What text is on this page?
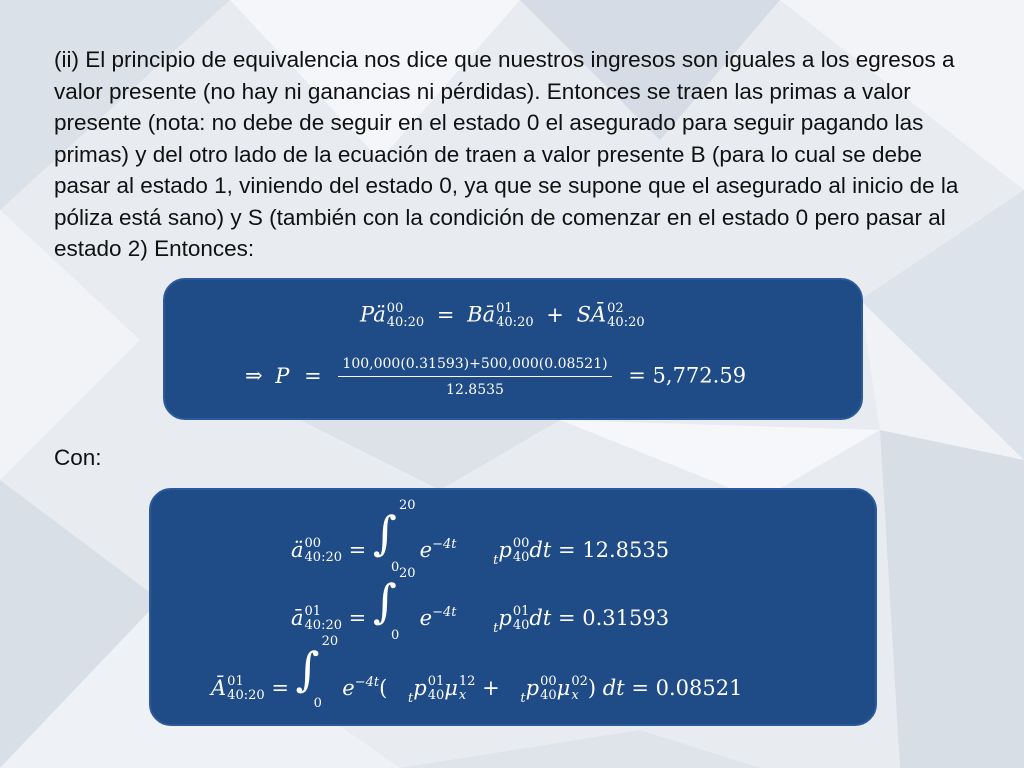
(ii) El principio de equivalencia nos dice que nuestros ingresos son iguales a los egresos a valor presente (no hay ni ganancias ni pérdidas). Entonces se traen las primas a valor presente (nota: no debe de seguir en el estado 0 el asegurado para seguir pagando las primas) y del otro lado de la ecuación de traen a valor presente B (para lo cual se debe pasar al estado 1, viniendo del estado 0, ya que se supone que el asegurado al inicio de la póliza está sano) y S (también con la condición de comenzar en el estado 0 pero pasar al estado 2) Entonces:
Pä 00
40:20 = Bā 01
40:20 + SĀ 02
40:20
⇒ $P = \frac{100,000(0.31593)+500,000(0.08521)}{12.8535} = 5,772.59$
Con:
ä 00
40:20 = ∫
20
0
$e^{-4t}$ $_t$p 00
40 dt = 12.8535
ā 01
40:20 = ∫
20
0
$e^{-4t}$ $_t$p 01
40 dt = 0.31593
Ā 01
40:20 = ∫
20
0
$e^{-4t}$( $_t$p 01
40 μ 12
x + $_t$p 00
40 μ 02
x ) dt = 0.08521
